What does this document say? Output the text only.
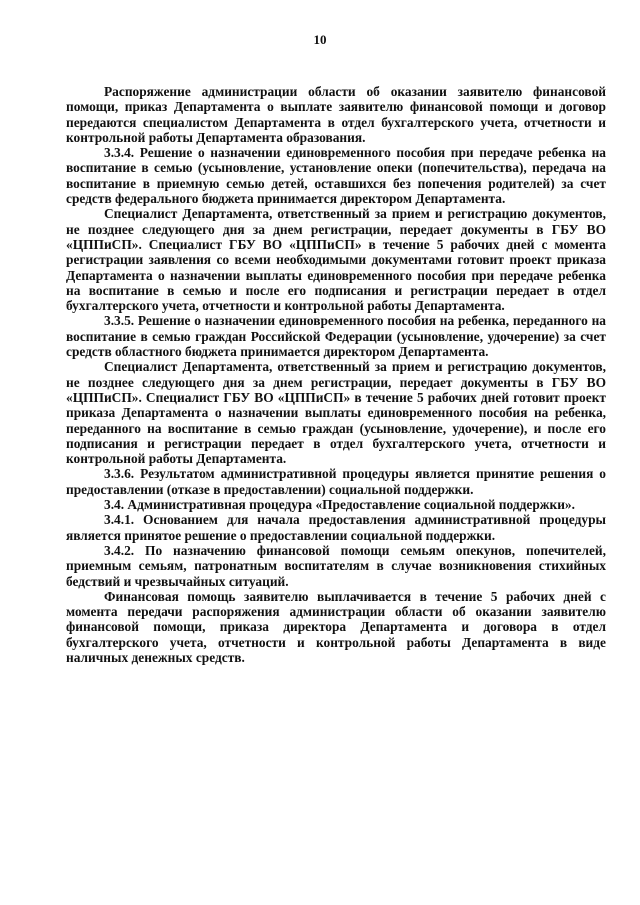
10

Распоряжение администрации области об оказании заявителю финансовой помощи, приказ Департамента о выплате заявителю финансовой помощи и договор передаются специалистом Департамента в отдел бухгалтерского учета, отчетности и контрольной работы Департамента образования.

3.3.4. Решение о назначении единовременного пособия при передаче ребенка на воспитание в семью (усыновление, установление опеки (попечительства), передача на воспитание в приемную семью детей, оставшихся без попечения родителей) за счет средств федерального бюджета принимается директором Департамента.

Специалист Департамента, ответственный за прием и регистрацию документов, не позднее следующего дня за днем регистрации, передает документы в ГБУ ВО «ЦППиСП». Специалист ГБУ ВО «ЦППиСП» в течение 5 рабочих дней с момента регистрации заявления со всеми необходимыми документами готовит проект приказа Департамента о назначении выплаты единовременного пособия при передаче ребенка на воспитание в семью и после его подписания и регистрации передает в отдел бухгалтерского учета, отчетности и контрольной работы Департамента.

3.3.5. Решение о назначении единовременного пособия на ребенка, переданного на воспитание в семью граждан Российской Федерации (усыновление, удочерение) за счет средств областного бюджета принимается директором Департамента.

Специалист Департамента, ответственный за прием и регистрацию документов, не позднее следующего дня за днем регистрации, передает документы в ГБУ ВО «ЦППиСП». Специалист ГБУ ВО «ЦППиСП» в течение 5 рабочих дней готовит проект приказа Департамента о назначении выплаты единовременного пособия на ребенка, переданного на воспитание в семью граждан (усыновление, удочерение), и после его подписания и регистрации передает в отдел бухгалтерского учета, отчетности и контрольной работы Департамента.

3.3.6. Результатом административной процедуры является принятие решения о предоставлении (отказе в предоставлении) социальной поддержки.

3.4. Административная процедура «Предоставление социальной поддержки».

3.4.1. Основанием для начала предоставления административной процедуры является принятое решение о предоставлении социальной поддержки.

3.4.2. По назначению финансовой помощи семьям опекунов, попечителей, приемным семьям, патронатным воспитателям в случае возникновения стихийных бедствий и чрезвычайных ситуаций.

Финансовая помощь заявителю выплачивается в течение 5 рабочих дней с момента передачи распоряжения администрации области об оказании заявителю финансовой помощи, приказа директора Департамента и договора в отдел бухгалтерского учета, отчетности и контрольной работы Департамента в виде наличных денежных средств.
